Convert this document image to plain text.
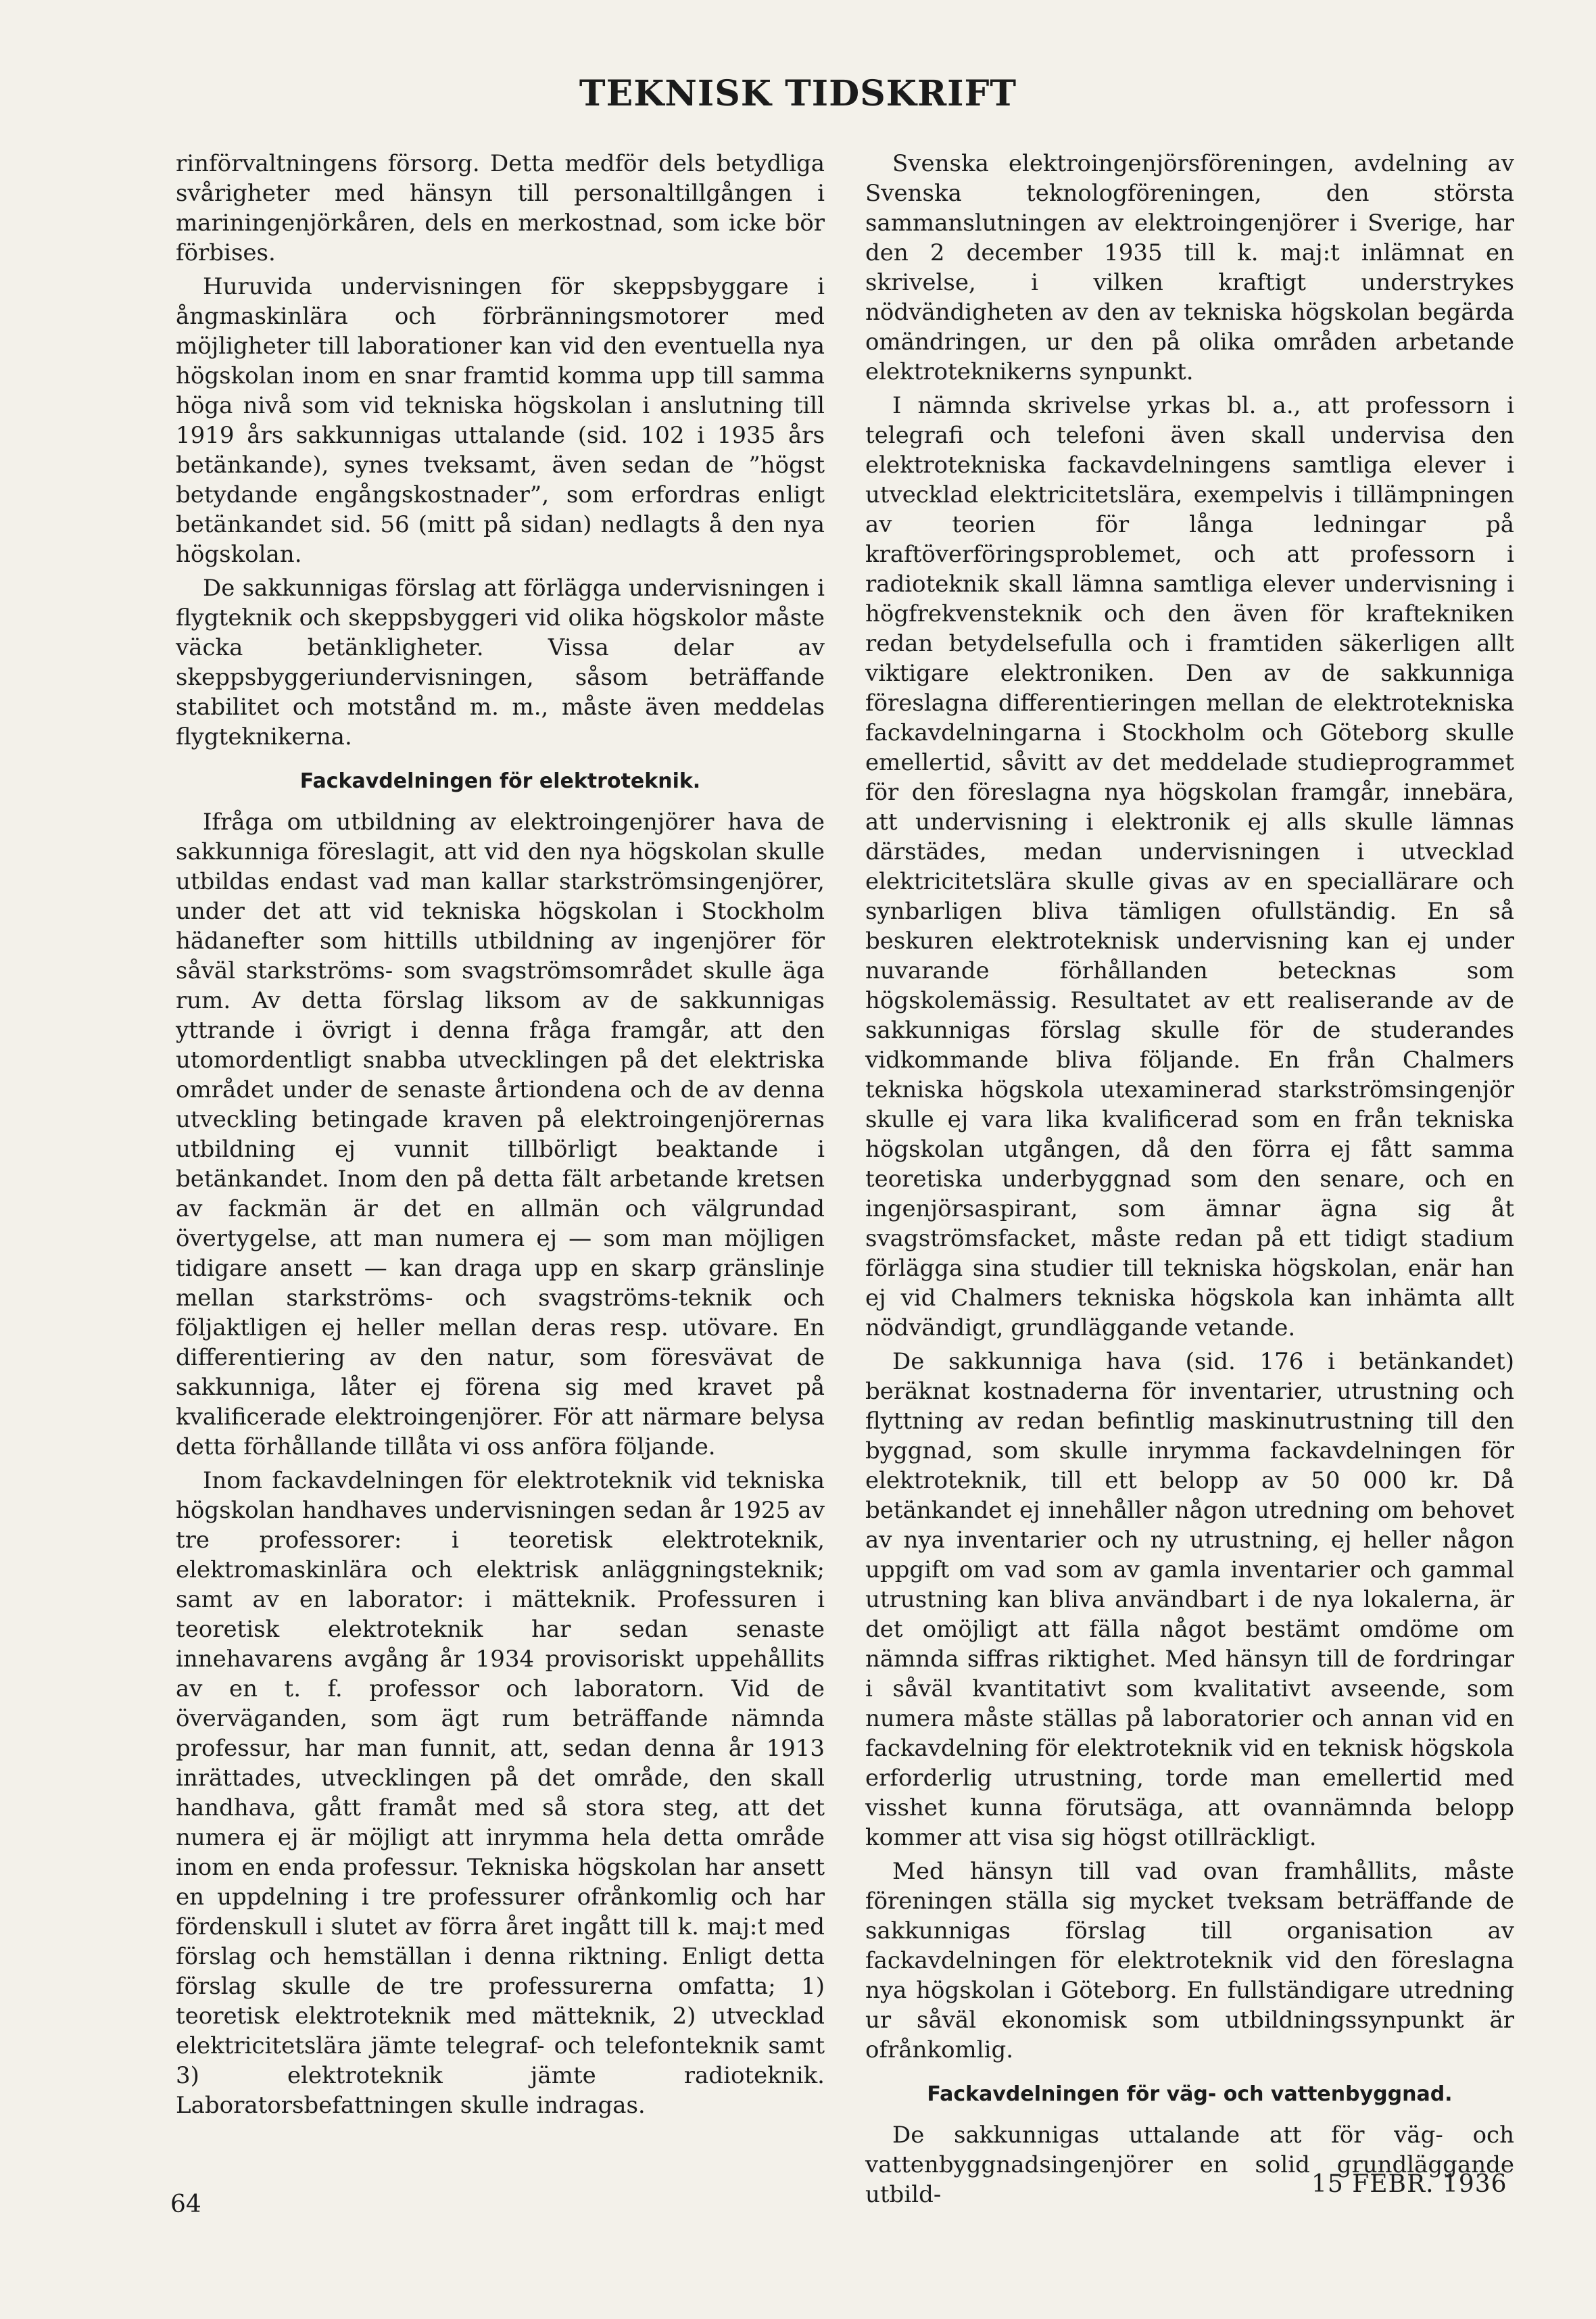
TEKNISK TIDSKRIFT

rinförvaltningens försorg. Detta medför dels betydliga svårigheter med hänsyn till personaltillgången i mariningenjörkåren, dels en merkostnad, som icke bör förbises.

Huruvida undervisningen för skeppsbyggare i ångmaskinlära och förbränningsmotorer med möjligheter till laborationer kan vid den eventuella nya högskolan inom en snar framtid komma upp till samma höga nivå som vid tekniska högskolan i anslutning till 1919 års sakkunnigas uttalande (sid. 102 i 1935 års betänkande), synes tveksamt, även sedan de ”högst betydande engångskostnader”, som erfordras enligt betänkandet sid. 56 (mitt på sidan) nedlagts å den nya högskolan.

De sakkunnigas förslag att förlägga undervisningen i flygteknik och skeppsbyggeri vid olika högskolor måste väcka betänkligheter. Vissa delar av skeppsbyggeriundervisningen, såsom beträffande stabilitet och motstånd m. m., måste även meddelas flygteknikerna.

Fackavdelningen för elektroteknik.

Ifråga om utbildning av elektroingenjörer hava de sakkunniga föreslagit, att vid den nya högskolan skulle utbildas endast vad man kallar starkströmsingenjörer, under det att vid tekniska högskolan i Stockholm hädanefter som hittills utbildning av ingenjörer för såväl starkströms- som svagströmsområdet skulle äga rum. Av detta förslag liksom av de sakkunnigas yttrande i övrigt i denna fråga framgår, att den utomordentligt snabba utvecklingen på det elektriska området under de senaste årtiondena och de av denna utveckling betingade kraven på elektroingenjörernas utbildning ej vunnit tillbörligt beaktande i betänkandet. Inom den på detta fält arbetande kretsen av fackmän är det en allmän och välgrundad övertygelse, att man numera ej — som man möjligen tidigare ansett — kan draga upp en skarp gränslinje mellan starkströms- och svagströms-teknik och följaktligen ej heller mellan deras resp. utövare. En differentiering av den natur, som föresvävat de sakkunniga, låter ej förena sig med kravet på kvalificerade elektroingenjörer. För att närmare belysa detta förhållande tillåta vi oss anföra följande.

Inom fackavdelningen för elektroteknik vid tekniska högskolan handhaves undervisningen sedan år 1925 av tre professorer: i teoretisk elektroteknik, elektromaskinlära och elektrisk anläggningsteknik; samt av en laborator: i mätteknik. Professuren i teoretisk elektroteknik har sedan senaste innehavarens avgång år 1934 provisoriskt uppehållits av en t. f. professor och laboratorn. Vid de överväganden, som ägt rum beträffande nämnda professur, har man funnit, att, sedan denna år 1913 inrättades, utvecklingen på det område, den skall handhava, gått framåt med så stora steg, att det numera ej är möjligt att inrymma hela detta område inom en enda professur. Tekniska högskolan har ansett en uppdelning i tre professurer ofrånkomlig och har fördenskull i slutet av förra året ingått till k. maj:t med förslag och hemställan i denna riktning. Enligt detta förslag skulle de tre professurerna omfatta; 1) teoretisk elektroteknik med mätteknik, 2) utvecklad elektricitetslära jämte telegraf- och telefonteknik samt 3) elektroteknik jämte radioteknik. Laboratorsbefattningen skulle indragas.

Svenska elektroingenjörsföreningen, avdelning av Svenska teknologföreningen, den största sammanslutningen av elektroingenjörer i Sverige, har den 2 december 1935 till k. maj:t inlämnat en skrivelse, i vilken kraftigt understrykes nödvändigheten av den av tekniska högskolan begärda omändringen, ur den på olika områden arbetande elektroteknikerns synpunkt.

I nämnda skrivelse yrkas bl. a., att professorn i telegrafi och telefoni även skall undervisa den elektrotekniska fackavdelningens samtliga elever i utvecklad elektricitetslära, exempelvis i tillämpningen av teorien för långa ledningar på kraftöverföringsproblemet, och att professorn i radioteknik skall lämna samtliga elever undervisning i högfrekvensteknik och den även för kraftekniken redan betydelsefulla och i framtiden säkerligen allt viktigare elektroniken. Den av de sakkunniga föreslagna differentieringen mellan de elektrotekniska fackavdelningarna i Stockholm och Göteborg skulle emellertid, såvitt av det meddelade studieprogrammet för den föreslagna nya högskolan framgår, innebära, att undervisning i elektronik ej alls skulle lämnas därstädes, medan undervisningen i utvecklad elektricitetslära skulle givas av en speciallärare och synbarligen bliva tämligen ofullständig. En så beskuren elektroteknisk undervisning kan ej under nuvarande förhållanden betecknas som högskolemässig. Resultatet av ett realiserande av de sakkunnigas förslag skulle för de studerandes vidkommande bliva följande. En från Chalmers tekniska högskola utexaminerad starkströmsingenjör skulle ej vara lika kvalificerad som en från tekniska högskolan utgången, då den förra ej fått samma teoretiska underbyggnad som den senare, och en ingenjörsaspirant, som ämnar ägna sig åt svagströmsfacket, måste redan på ett tidigt stadium förlägga sina studier till tekniska högskolan, enär han ej vid Chalmers tekniska högskola kan inhämta allt nödvändigt, grundläggande vetande.

De sakkunniga hava (sid. 176 i betänkandet) beräknat kostnaderna för inventarier, utrustning och flyttning av redan befintlig maskinutrustning till den byggnad, som skulle inrymma fackavdelningen för elektroteknik, till ett belopp av 50 000 kr. Då betänkandet ej innehåller någon utredning om behovet av nya inventarier och ny utrustning, ej heller någon uppgift om vad som av gamla inventarier och gammal utrustning kan bliva användbart i de nya lokalerna, är det omöjligt att fälla något bestämt omdöme om nämnda siffras riktighet. Med hänsyn till de fordringar i såväl kvantitativt som kvalitativt avseende, som numera måste ställas på laboratorier och annan vid en fackavdelning för elektroteknik vid en teknisk högskola erforderlig utrustning, torde man emellertid med visshet kunna förutsäga, att ovannämnda belopp kommer att visa sig högst otillräckligt.

Med hänsyn till vad ovan framhållits, måste föreningen ställa sig mycket tveksam beträffande de sakkunnigas förslag till organisation av fackavdelningen för elektroteknik vid den föreslagna nya högskolan i Göteborg. En fullständigare utredning ur såväl ekonomisk som utbildningssynpunkt är ofrånkomlig.

Fackavdelningen för väg- och vattenbyggnad.

De sakkunnigas uttalande att för väg- och vattenbyggnadsingenjörer en solid grundläggande utbild-

64
15 FEBR. 1936
